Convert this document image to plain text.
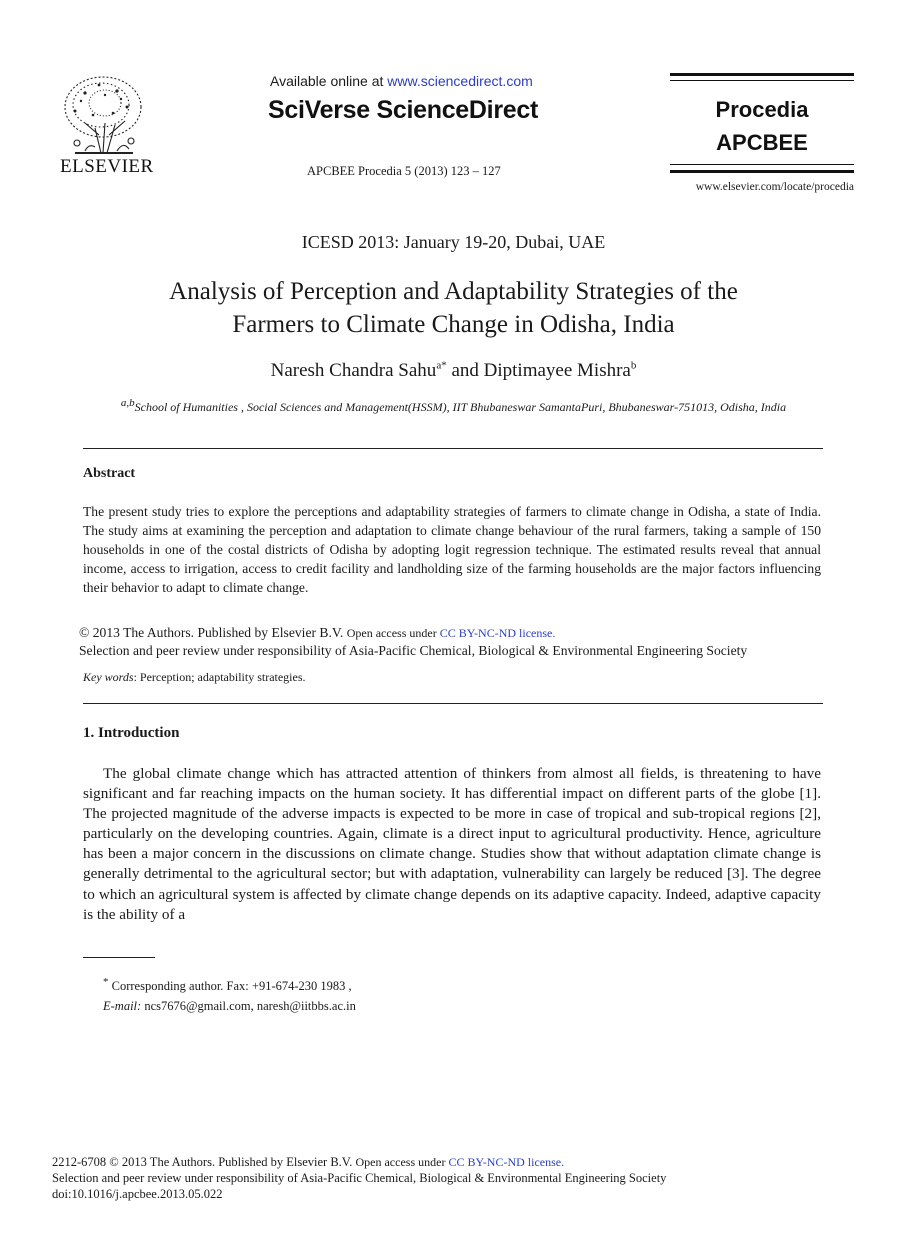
ELSEVIER
Available online at www.sciencedirect.com
SciVerse ScienceDirect
APCBEE Procedia 5 (2013) 123 – 127
Procedia
APCBEE
www.elsevier.com/locate/procedia
ICESD 2013: January 19-20, Dubai, UAE
Analysis of Perception and Adaptability Strategies of the
Farmers to Climate Change in Odisha, India
Naresh Chandra Sahu$^{a*}$ and Diptimayee Mishra$^b$
$^{a,b}$School of Humanities , Social Sciences and Management(HSSM), IIT Bhubaneswar SamantaPuri, Bhubaneswar-751013, Odisha, India
Abstract
The present study tries to explore the perceptions and adaptability strategies of farmers to climate change in Odisha, a state of India. The study aims at examining the perception and adaptation to climate change behaviour of the rural farmers, taking a sample of 150 households in one of the costal districts of Odisha by adopting logit regression technique. The estimated results reveal that annual income, access to irrigation, access to credit facility and landholding size of the farming households are the major factors influencing their behavior to adapt to climate change.
© 2013 The Authors. Published by Elsevier B.V. Open access under CC BY-NC-ND license.
Selection and peer review under responsibility of Asia-Pacific Chemical, Biological & Environmental Engineering Society
Key words: Perception; adaptability strategies.
1. Introduction
The global climate change which has attracted attention of thinkers from almost all fields, is threatening to have significant and far reaching impacts on the human society. It has differential impact on different parts of the globe [1]. The projected magnitude of the adverse impacts is expected to be more in case of tropical and sub-tropical regions [2], particularly on the developing countries. Again, climate is a direct input to agricultural productivity. Hence, agriculture has been a major concern in the discussions on climate change. Studies show that without adaptation climate change is generally detrimental to the agricultural sector; but with adaptation, vulnerability can largely be reduced [3]. The degree to which an agricultural system is affected by climate change depends on its adaptive capacity. Indeed, adaptive capacity is the ability of a
* Corresponding author. Fax: +91-674-230 1983 ,
E-mail: ncs7676@gmail.com, naresh@iitbbs.ac.in
2212-6708 © 2013 The Authors. Published by Elsevier B.V. Open access under CC BY-NC-ND license.
Selection and peer review under responsibility of Asia-Pacific Chemical, Biological & Environmental Engineering Society
doi:10.1016/j.apcbee.2013.05.022
